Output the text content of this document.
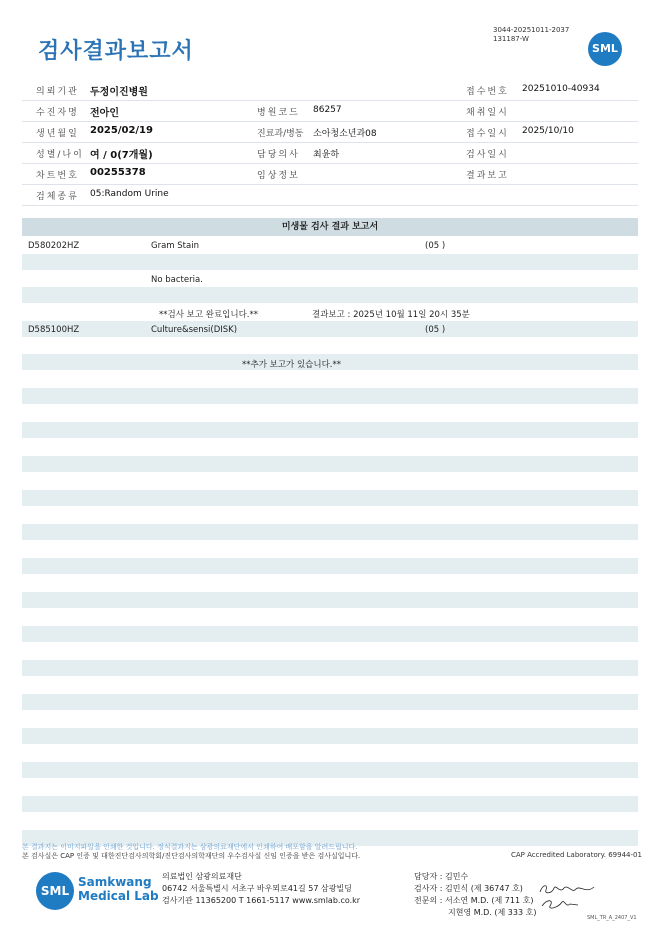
검사결과보고서
3044-20251011-2037
131187-W
SML
의뢰기관 두정이진병원	접수번호 20251010-40934
수진자명 전아인	병원코드 86257	채취일시
생년월일 2025/02/19	진료과/병동 소아청소년과08	접수일시 2025/10/10
성별/나이 여 / 0(7개월)	담당의사 최윤하	검사일시
차트번호 00255378	임상정보	결과보고
검체종류 05:Random Urine
미생물 검사 결과 보고서
D580202HZ	Gram Stain	(05 )
No bacteria.
**검사 보고 완료입니다.**	결과보고 : 2025년 10월 11일 20시 35분
D585100HZ	Culture&sensi(DISK)	(05 )
**추가 보고가 있습니다.**
본 결과지는 이미지파일을 인쇄한 것입니다. 정식결과지는 삼광의료재단에서 인쇄하여 배포함을 알려드립니다.
본 검사실은 CAP 인증 및 대한진단검사의학회/진단검사의학재단의 우수검사실 신임 인증을 받은 검사실입니다.	CAP Accredited Laboratory. 69944-01
SML
Samkwang
Medical Lab
의료법인 삼광의료재단
06742 서울특별시 서초구 바우뫼로41길 57 삼광빌딩
검사기관 11365200 T 1661-5117 www.smlab.co.kr
담당자 : 김민수
검사자 : 김민식 (제 36747 호)
전문의 : 서소연 M.D. (제 711 호)
지현영 M.D. (제 333 호)
SML_TR_A_2407_V1
